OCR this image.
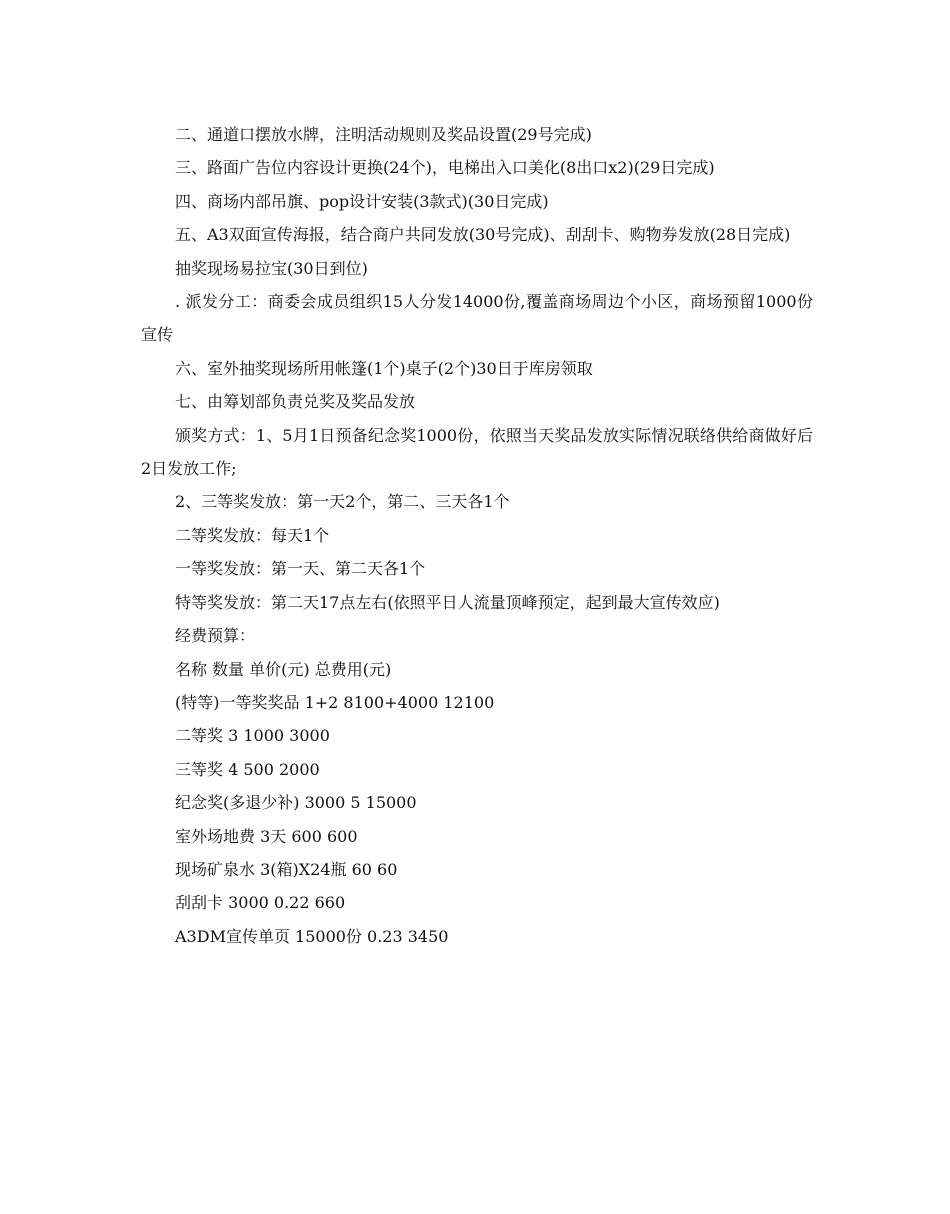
二、通道口摆放水牌，注明活动规则及奖品设置(29号完成)

三、路面广告位内容设计更换(24个)，电梯出入口美化(8出口x2)(29日完成)

四、商场内部吊旗、pop设计安装(3款式)(30日完成)

五、A3双面宣传海报，结合商户共同发放(30号完成)、刮刮卡、购物券发放(28日完成)

抽奖现场易拉宝(30日到位)

. 派发分工：商委会成员组织15人分发14000份,覆盖商场周边个小区，商场预留1000份宣传

六、室外抽奖现场所用帐篷(1个)桌子(2个)30日于库房领取

七、由筹划部负责兑奖及奖品发放

颁奖方式：1、5月1日预备纪念奖1000份，依照当天奖品发放实际情况联络供给商做好后2日发放工作;

2、三等奖发放：第一天2个，第二、三天各1个

二等奖发放：每天1个

一等奖发放：第一天、第二天各1个

特等奖发放：第二天17点左右(依照平日人流量顶峰预定，起到最大宣传效应)

经费预算：

名称 数量 单价(元) 总费用(元)

(特等)一等奖奖品 1+2 8100+4000 12100

二等奖 3 1000 3000

三等奖 4 500 2000

纪念奖(多退少补) 3000 5 15000

室外场地费 3天 600 600

现场矿泉水 3(箱)X24瓶 60 60

刮刮卡 3000 0.22 660

A3DM宣传单页 15000份 0.23 3450
